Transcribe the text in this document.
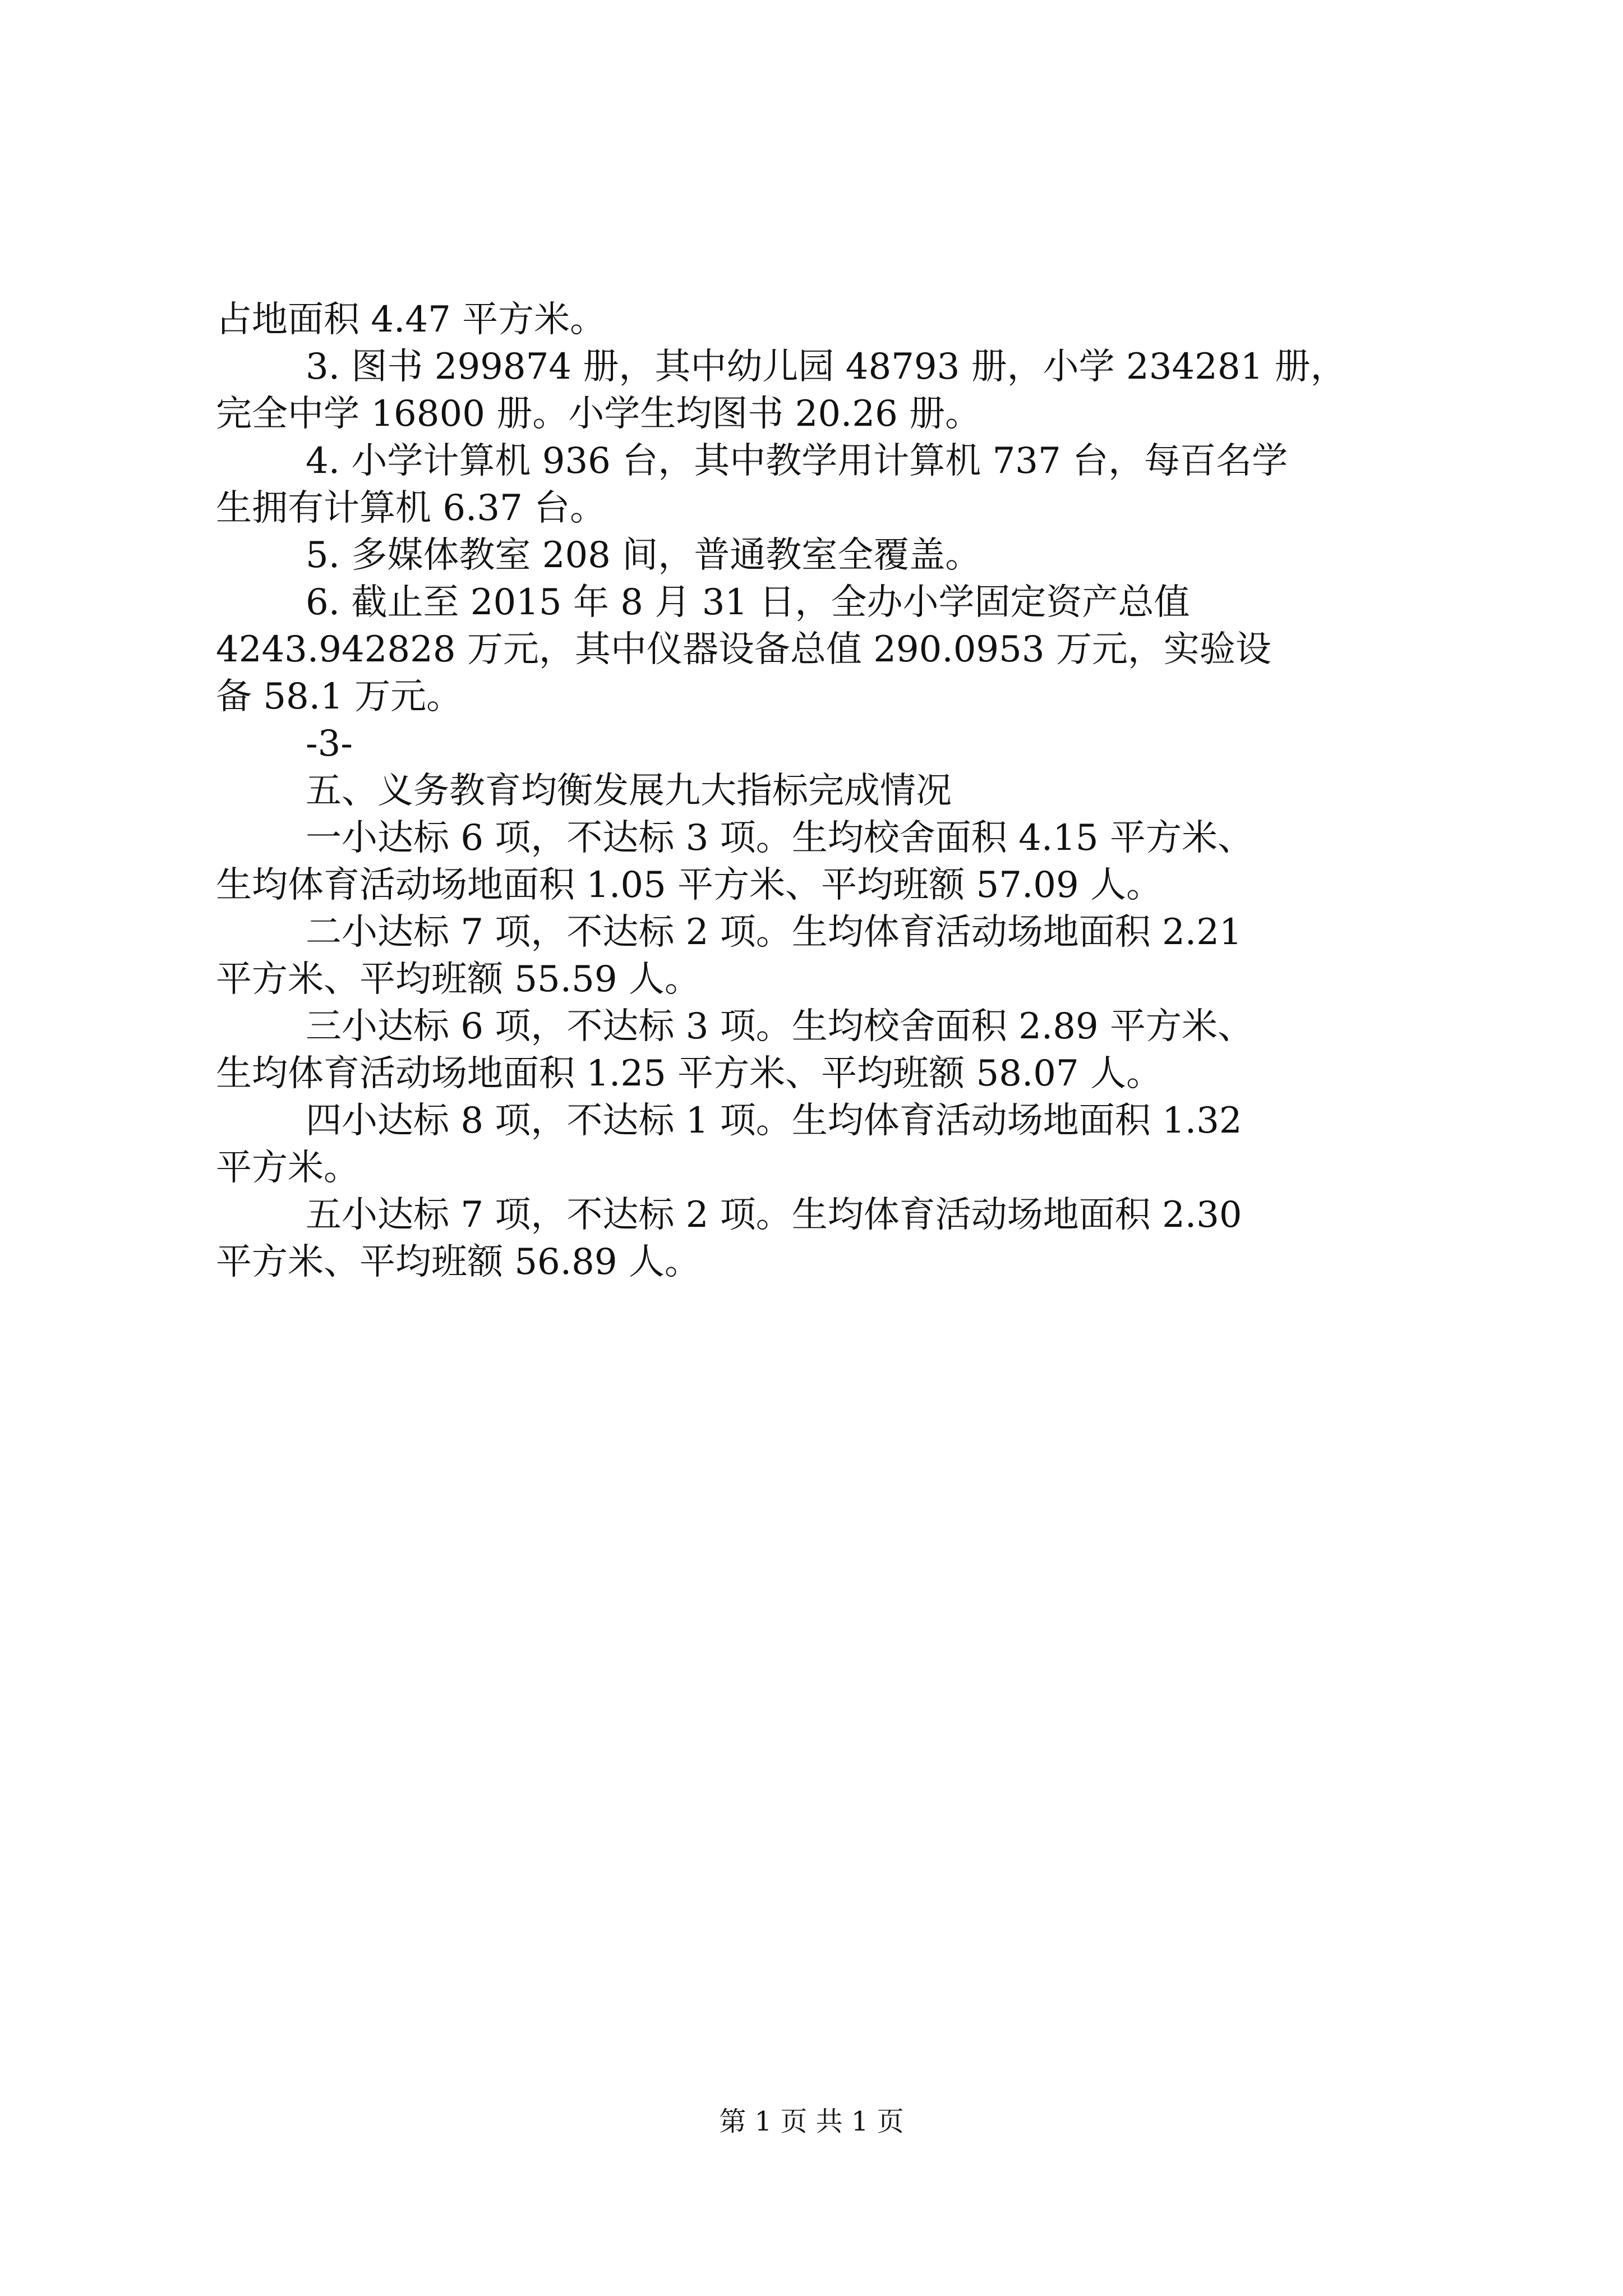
占地面积 4.47 平方米。

3. 图书 299874 册，其中幼儿园 48793 册，小学 234281 册，

完全中学 16800 册。小学生均图书 20.26 册。

4. 小学计算机 936 台，其中教学用计算机 737 台，每百名学

生拥有计算机 6.37 台。

5. 多媒体教室 208 间，普通教室全覆盖。

6. 截止至 2015 年 8 月 31 日，全办小学固定资产总值

4243.942828 万元，其中仪器设备总值 290.0953 万元，实验设

备 58.1 万元。

-3-

五、义务教育均衡发展九大指标完成情况

一小达标 6 项，不达标 3 项。生均校舍面积 4.15 平方米、

生均体育活动场地面积 1.05 平方米、平均班额 57.09 人。

二小达标 7 项，不达标 2 项。生均体育活动场地面积 2.21

平方米、平均班额 55.59 人。

三小达标 6 项，不达标 3 项。生均校舍面积 2.89 平方米、

生均体育活动场地面积 1.25 平方米、平均班额 58.07 人。

四小达标 8 项，不达标 1 项。生均体育活动场地面积 1.32

平方米。

五小达标 7 项，不达标 2 项。生均体育活动场地面积 2.30

平方米、平均班额 56.89 人。

第 1 页 共 1 页
